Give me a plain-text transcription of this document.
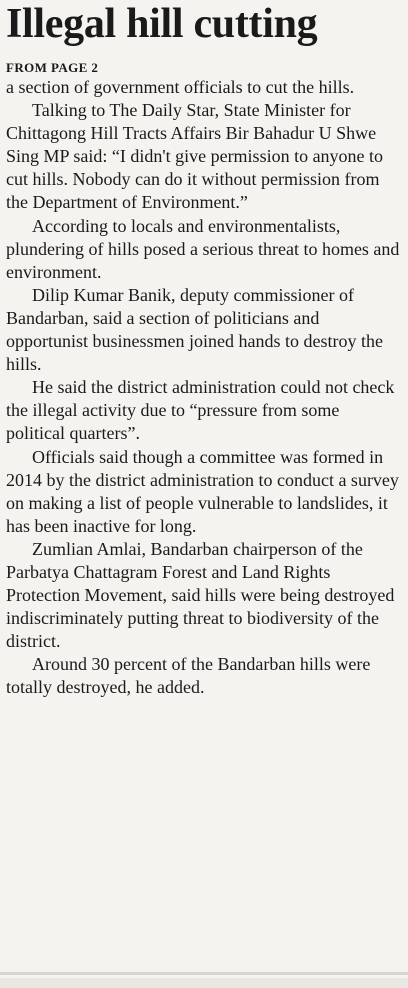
Illegal hill cutting
FROM PAGE 2

a section of government officials to cut the hills.

Talking to The Daily Star, State Minister for Chittagong Hill Tracts Affairs Bir Bahadur U Shwe Sing MP said: “I didn't give permission to anyone to cut hills. Nobody can do it without permission from the Department of Environment.”

According to locals and environmentalists, plundering of hills posed a serious threat to homes and environment.

Dilip Kumar Banik, deputy commissioner of Bandarban, said a section of politicians and opportunist businessmen joined hands to destroy the hills.

He said the district administration could not check the illegal activity due to “pressure from some political quarters”.

Officials said though a committee was formed in 2014 by the district administration to conduct a survey on making a list of people vulnerable to landslides, it has been inactive for long.

Zumlian Amlai, Bandarban chairperson of the Parbatya Chattagram Forest and Land Rights Protection Movement, said hills were being destroyed indiscriminately putting threat to biodiversity of the district.

Around 30 percent of the Bandarban hills were totally destroyed, he added.
